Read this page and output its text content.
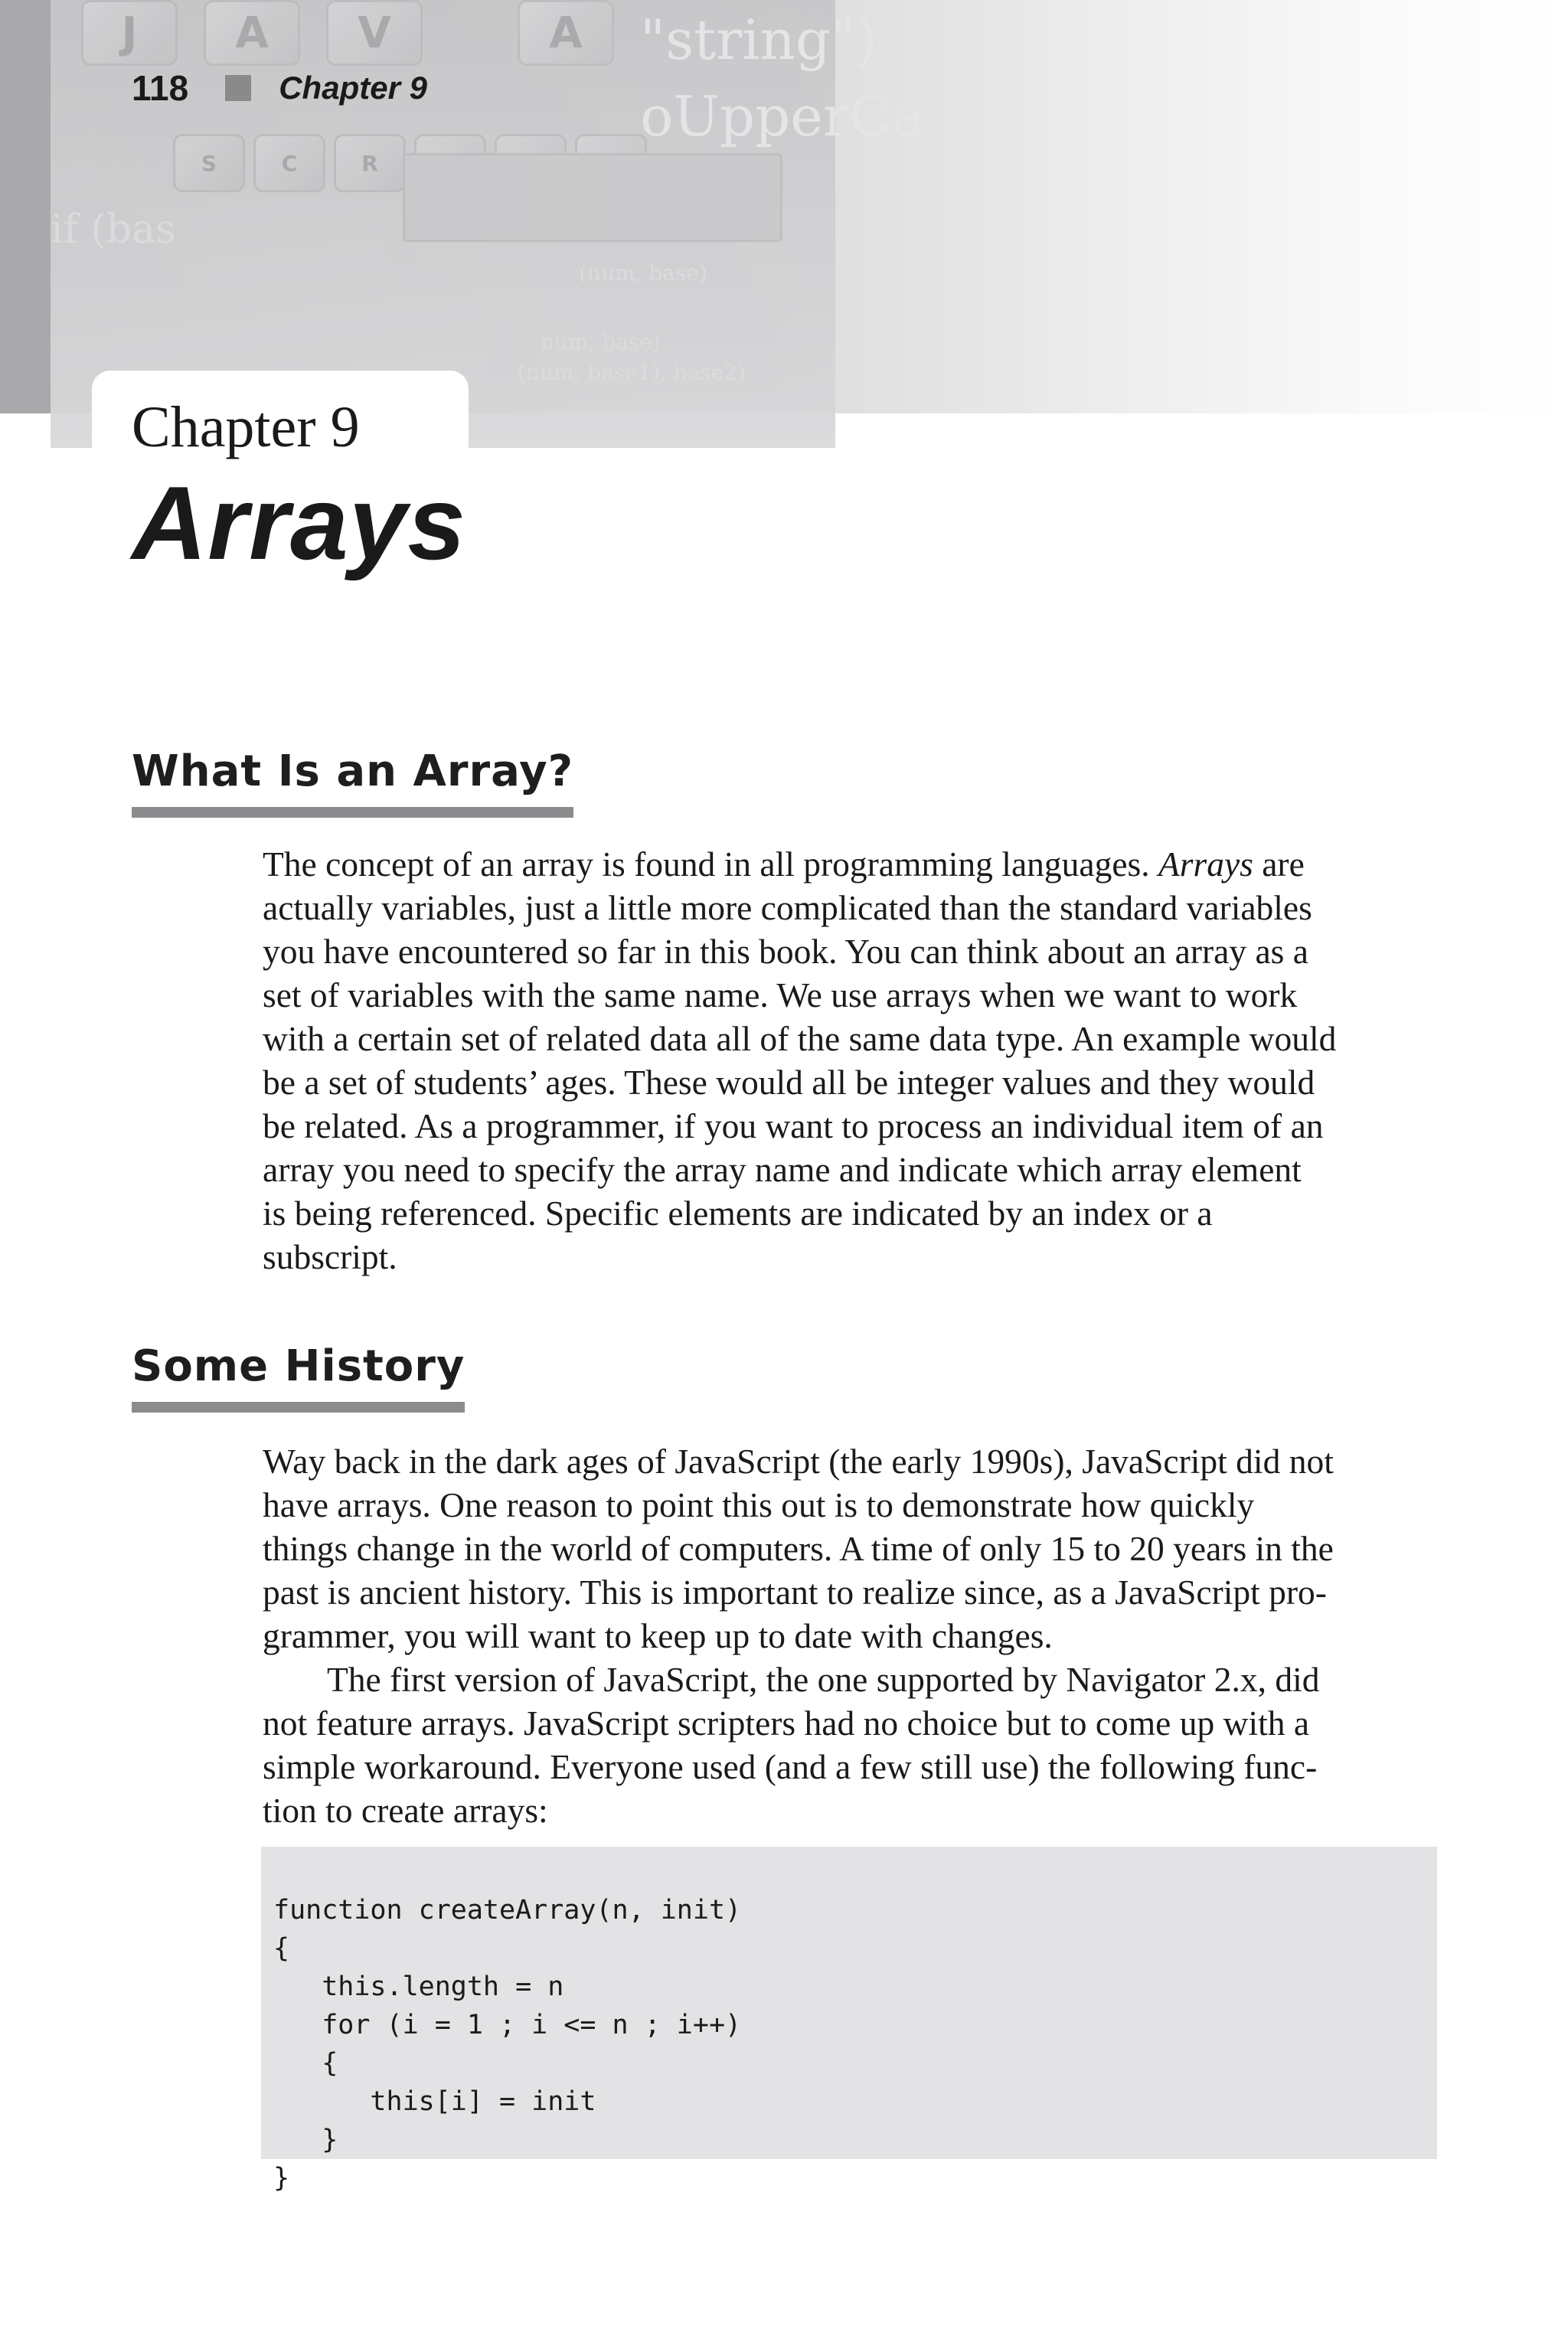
J	A	V	A
S	C	R
"string")
oUpperCa
if (bas
(num, base)
num, base)
(num, base1), base2)
118	Chapter 9
Chapter 9
Arrays
What Is an Array?

The concept of an array is found in all programming languages. Arrays are
actually variables, just a little more complicated than the standard variables
you have encountered so far in this book. You can think about an array as a
set of variables with the same name. We use arrays when we want to work
with a certain set of related data all of the same data type. An example would
be a set of students’ ages. These would all be integer values and they would
be related. As a programmer, if you want to process an individual item of an
array you need to specify the array name and indicate which array element
is being referenced. Specific elements are indicated by an index or a
subscript.

Some History

Way back in the dark ages of JavaScript (the early 1990s), JavaScript did not
have arrays. One reason to point this out is to demonstrate how quickly
things change in the world of computers. A time of only 15 to 20 years in the
past is ancient history. This is important to realize since, as a JavaScript pro-
grammer, you will want to keep up to date with changes.

The first version of JavaScript, the one supported by Navigator 2.x, did
not feature arrays. JavaScript scripters had no choice but to come up with a
simple workaround. Everyone used (and a few still use) the following func-
tion to create arrays:

function createArray(n, init)
{
this.length = n
for (i = 1 ; i <= n ; i++)
{
this[i] = init
}
}
